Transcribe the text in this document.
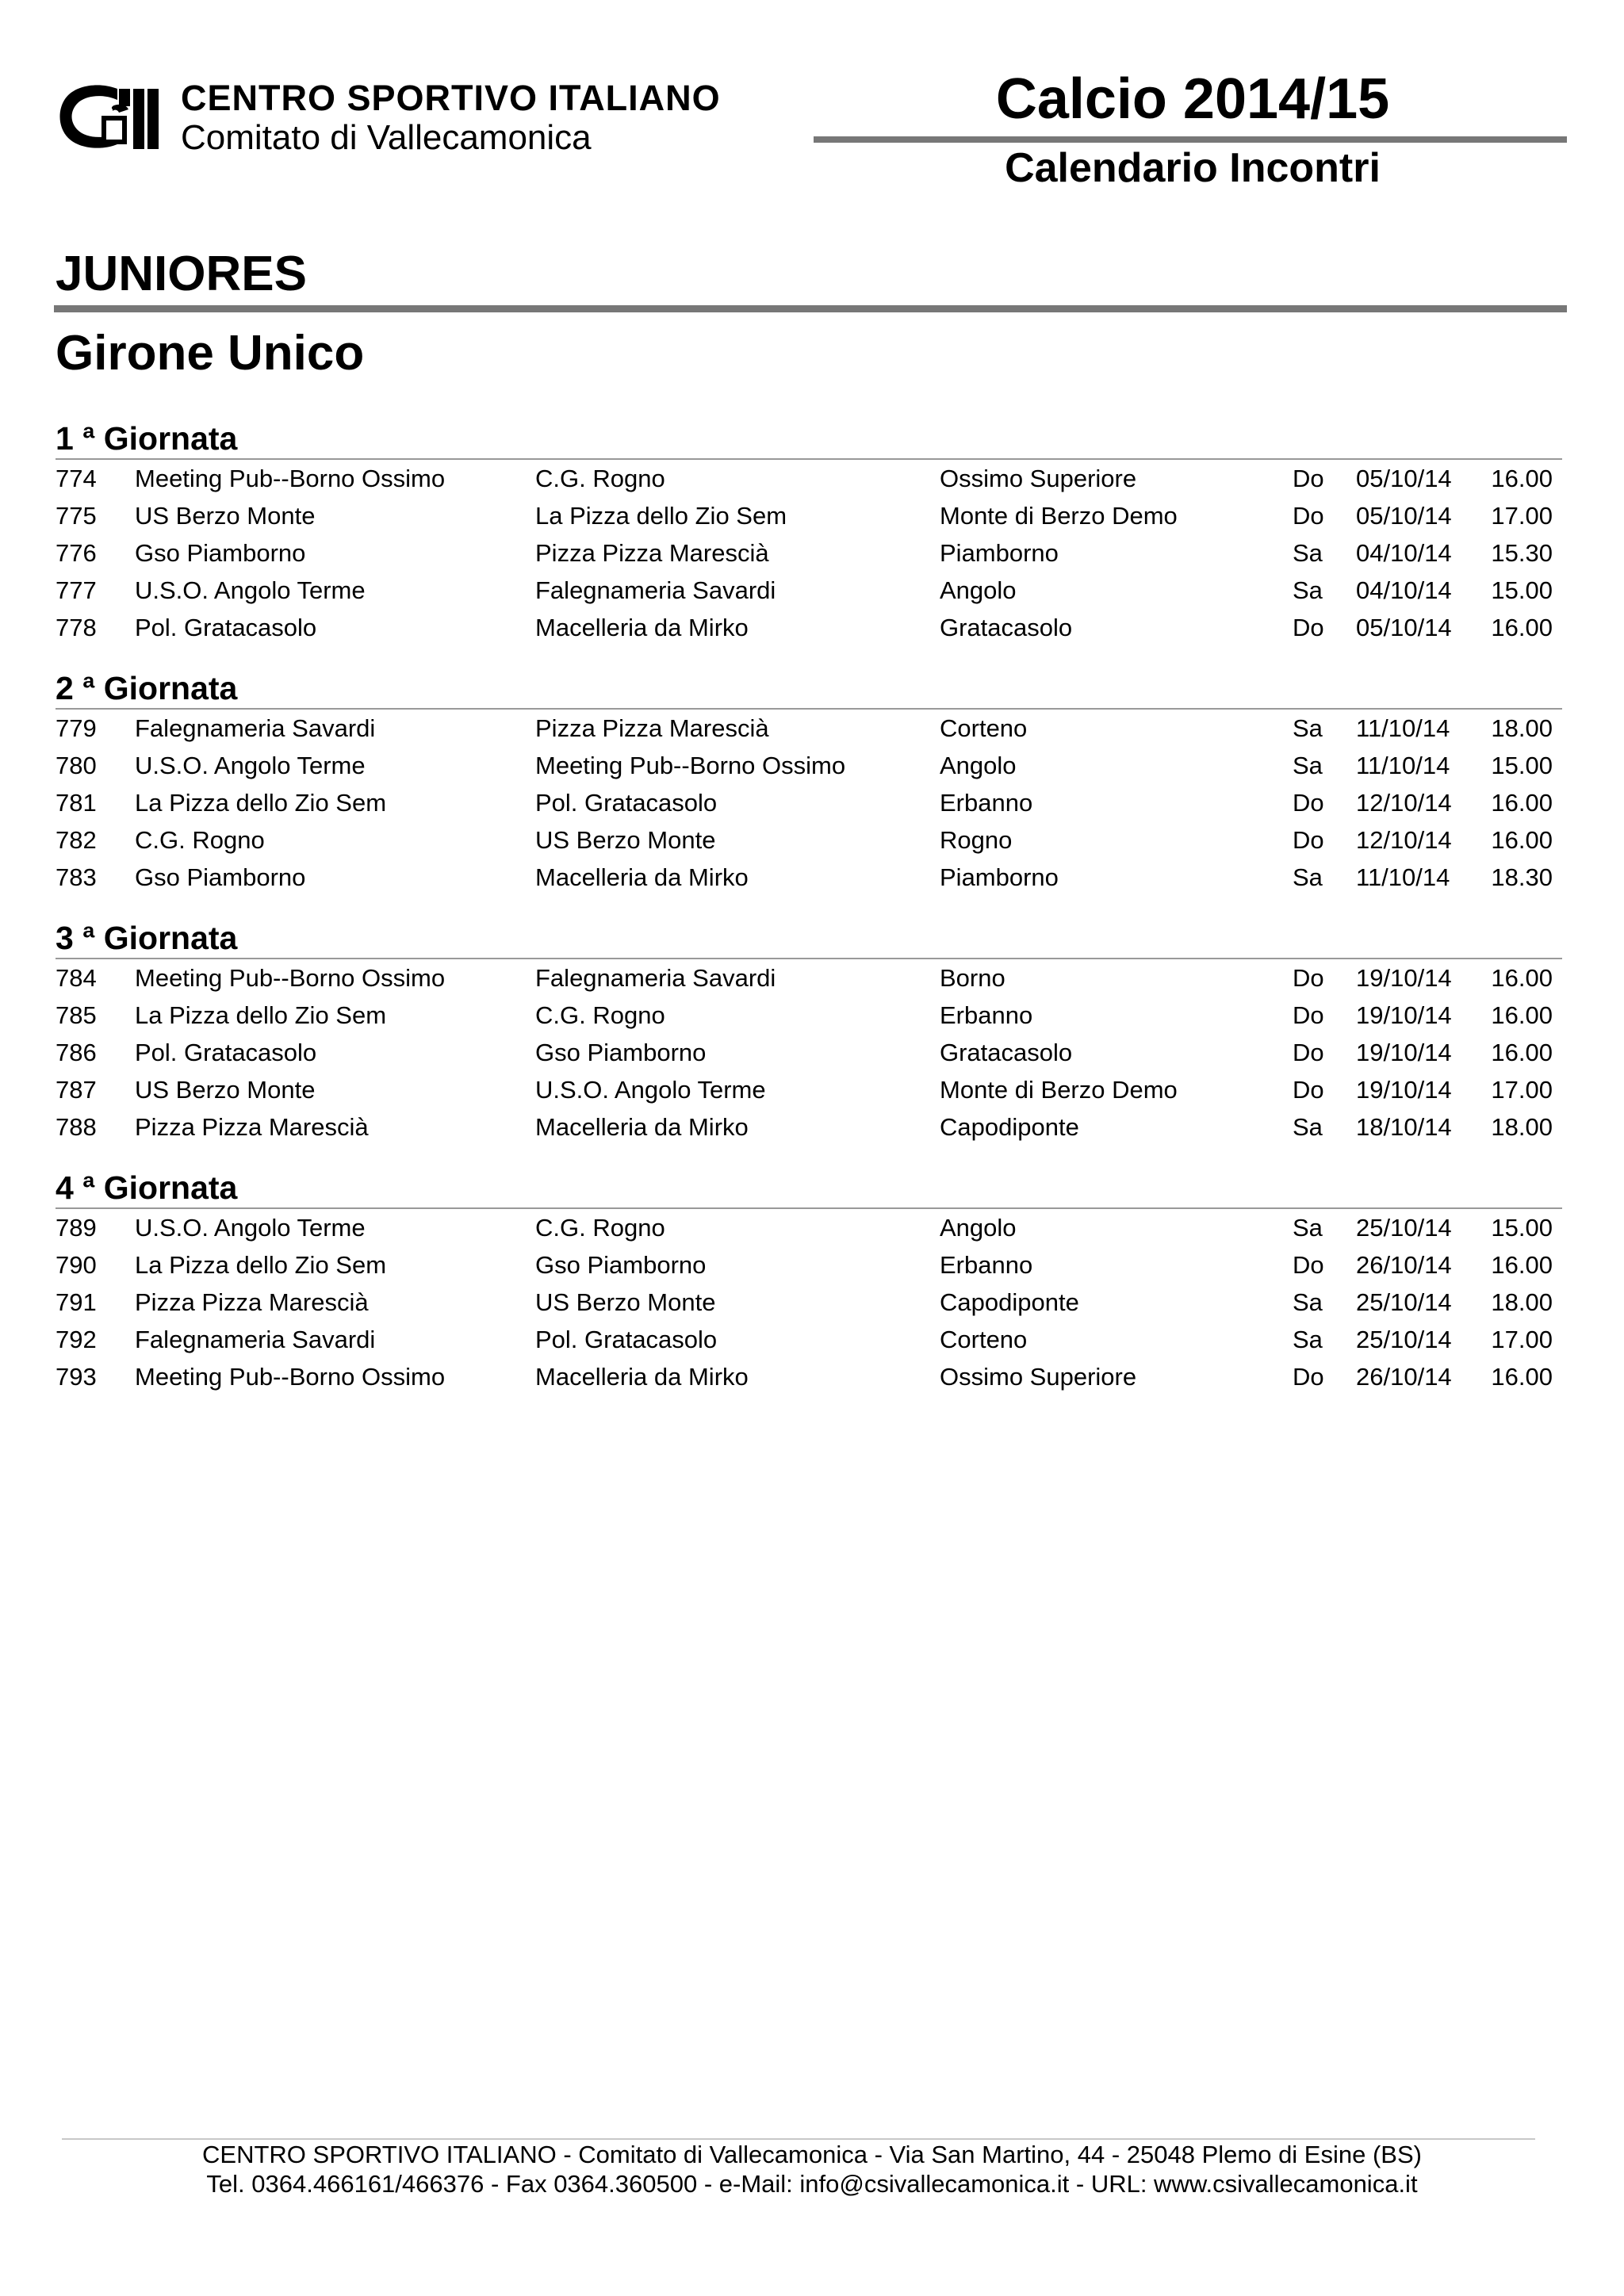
CENTRO SPORTIVO ITALIANO
Comitato di Vallecamonica
Calcio 2014/15
Calendario Incontri
JUNIORES
Girone Unico
1 ª Giornata
774 Meeting Pub--Borno Ossimo	C.G. Rogno	Ossimo Superiore	Do 05/10/14	16.00
775 US Berzo Monte	La Pizza dello Zio Sem	Monte di Berzo Demo	Do 05/10/14	17.00
776 Gso Piamborno	Pizza Pizza Marescià	Piamborno	Sa 04/10/14	15.30
777 U.S.O. Angolo Terme	Falegnameria Savardi	Angolo	Sa 04/10/14	15.00
778 Pol. Gratacasolo	Macelleria da Mirko	Gratacasolo	Do 05/10/14	16.00
2 ª Giornata
779 Falegnameria Savardi	Pizza Pizza Marescià	Corteno	Sa 11/10/14	18.00
780 U.S.O. Angolo Terme	Meeting Pub--Borno Ossimo	Angolo	Sa 11/10/14	15.00
781 La Pizza dello Zio Sem	Pol. Gratacasolo	Erbanno	Do 12/10/14	16.00
782 C.G. Rogno	US Berzo Monte	Rogno	Do 12/10/14	16.00
783 Gso Piamborno	Macelleria da Mirko	Piamborno	Sa 11/10/14	18.30
3 ª Giornata
784 Meeting Pub--Borno Ossimo	Falegnameria Savardi	Borno	Do 19/10/14	16.00
785 La Pizza dello Zio Sem	C.G. Rogno	Erbanno	Do 19/10/14	16.00
786 Pol. Gratacasolo	Gso Piamborno	Gratacasolo	Do 19/10/14	16.00
787 US Berzo Monte	U.S.O. Angolo Terme	Monte di Berzo Demo	Do 19/10/14	17.00
788 Pizza Pizza Marescià	Macelleria da Mirko	Capodiponte	Sa 18/10/14	18.00
4 ª Giornata
789 U.S.O. Angolo Terme	C.G. Rogno	Angolo	Sa 25/10/14	15.00
790 La Pizza dello Zio Sem	Gso Piamborno	Erbanno	Do 26/10/14	16.00
791 Pizza Pizza Marescià	US Berzo Monte	Capodiponte	Sa 25/10/14	18.00
792 Falegnameria Savardi	Pol. Gratacasolo	Corteno	Sa 25/10/14	17.00
793 Meeting Pub--Borno Ossimo	Macelleria da Mirko	Ossimo Superiore	Do 26/10/14	16.00
CENTRO SPORTIVO ITALIANO - Comitato di Vallecamonica - Via San Martino, 44 - 25048 Plemo di Esine (BS)
Tel. 0364.466161/466376 - Fax 0364.360500 - e-Mail: info@csivallecamonica.it - URL: www.csivallecamonica.it
